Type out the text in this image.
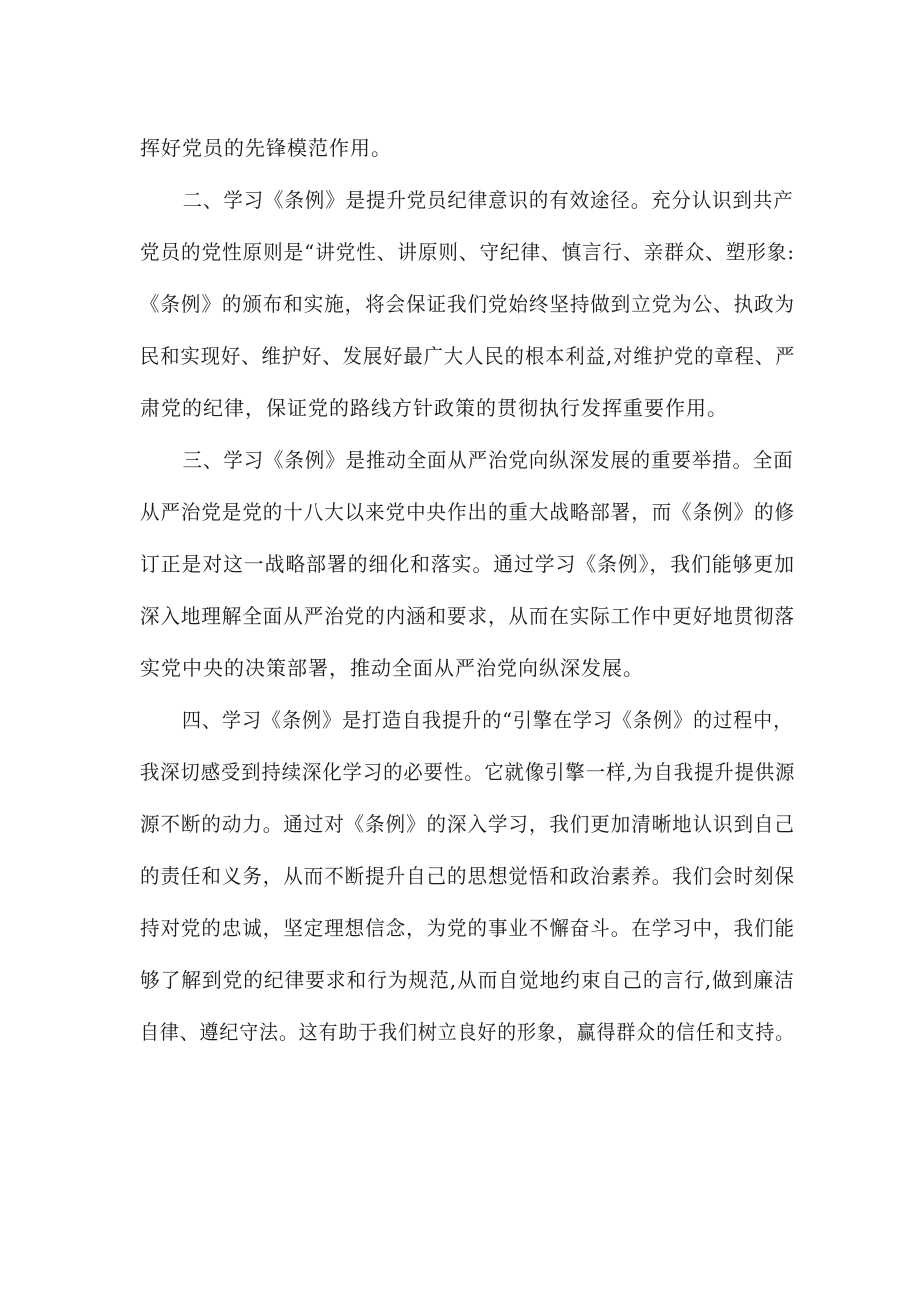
挥好党员的先锋模范作用。

二、学习《条例》是提升党员纪律意识的有效途径。充分认识到共产
党员的党性原则是“讲党性、讲原则、守纪律、慎言行、亲群众、塑形象:
《条例》的颁布和实施，将会保证我们党始终坚持做到立党为公、执政为
民和实现好、维护好、发展好最广大人民的根本利益,对维护党的章程、严
肃党的纪律，保证党的路线方针政策的贯彻执行发挥重要作用。

三、学习《条例》是推动全面从严治党向纵深发展的重要举措。全面
从严治党是党的十八大以来党中央作出的重大战略部署，而《条例》的修
订正是对这一战略部署的细化和落实。通过学习《条例》，我们能够更加
深入地理解全面从严治党的内涵和要求，从而在实际工作中更好地贯彻落
实党中央的决策部署，推动全面从严治党向纵深发展。

四、学习《条例》是打造自我提升的“引擎在学习《条例》的过程中，
我深切感受到持续深化学习的必要性。它就像引擎一样,为自我提升提供源
源不断的动力。通过对《条例》的深入学习，我们更加清晰地认识到自己
的责任和义务，从而不断提升自己的思想觉悟和政治素养。我们会时刻保
持对党的忠诚，坚定理想信念，为党的事业不懈奋斗。在学习中，我们能
够了解到党的纪律要求和行为规范,从而自觉地约束自己的言行,做到廉洁
自律、遵纪守法。这有助于我们树立良好的形象，赢得群众的信任和支持。
